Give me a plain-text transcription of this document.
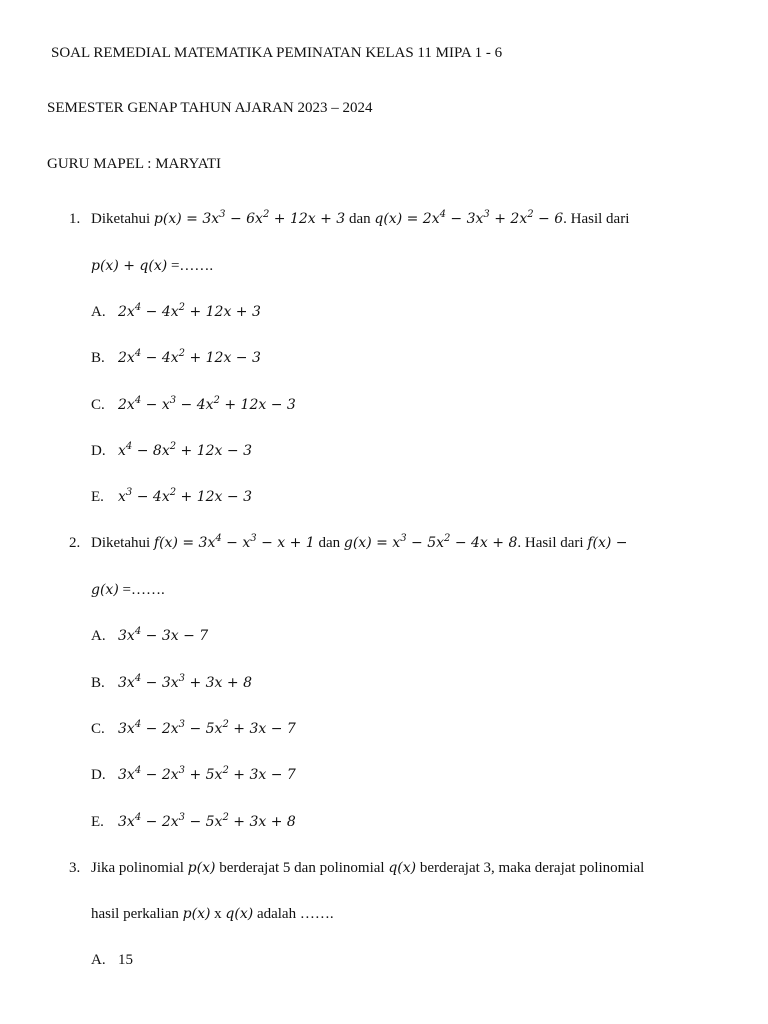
SOAL REMEDIAL MATEMATIKA PEMINATAN KELAS 11 MIPA 1 - 6
SEMESTER GENAP TAHUN AJARAN 2023 – 2024
GURU MAPEL : MARYATI
1. Diketahui $p(x) = 3x^3 - 6x^2 + 12x + 3$ dan $q(x) = 2x^4 - 3x^3 + 2x^2 - 6$. Hasil dari
p(x) + q(x) =…….
A. $2x^4 - 4x^2 + 12x + 3$
B. $2x^4 - 4x^2 + 12x - 3$
C. $2x^4 - x^3 - 4x^2 + 12x - 3$
D. $x^4 - 8x^2 + 12x - 3$
E. $x^3 - 4x^2 + 12x - 3$
2. Diketahui $f(x) = 3x^4 - x^3 - x + 1$ dan $g(x) = x^3 - 5x^2 - 4x + 8$. Hasil dari f(x) −
g(x) =…….
A. $3x^4 - 3x - 7$
B. $3x^4 - 3x^3 + 3x + 8$
C. $3x^4 - 2x^3 - 5x^2 + 3x - 7$
D. $3x^4 - 2x^3 + 5x^2 + 3x - 7$
E. $3x^4 - 2x^3 - 5x^2 + 3x + 8$
3. Jika polinomial p(x) berderajat 5 dan polinomial q(x) berderajat 3, maka derajat polinomial
hasil perkalian p(x) x q(x) adalah …….
A. 15
